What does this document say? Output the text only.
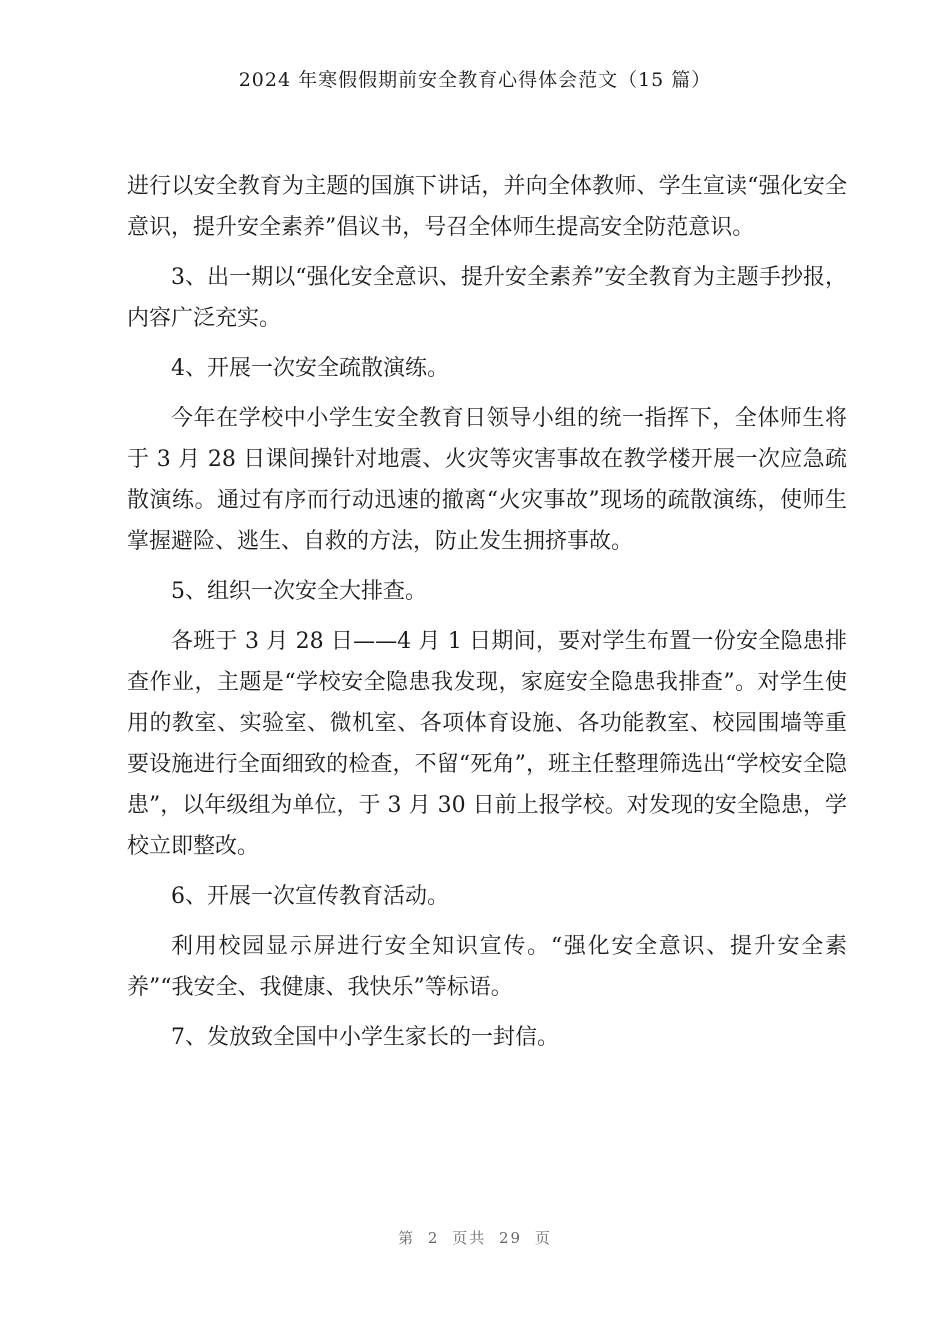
2024 年寒假假期前安全教育心得体会范文（15 篇）

进行以安全教育为主题的国旗下讲话，并向全体教师、学生宣读“强化安全意识，提升安全素养”倡议书，号召全体师生提高安全防范意识。

3、出一期以“强化安全意识、提升安全素养”安全教育为主题手抄报，内容广泛充实。

4、开展一次安全疏散演练。

今年在学校中小学生安全教育日领导小组的统一指挥下，全体师生将于 3 月 28 日课间操针对地震、火灾等灾害事故在教学楼开展一次应急疏散演练。通过有序而行动迅速的撤离“火灾事故”现场的疏散演练，使师生掌握避险、逃生、自救的方法，防止发生拥挤事故。

5、组织一次安全大排查。

各班于 3 月 28 日——4 月 1 日期间，要对学生布置一份安全隐患排查作业，主题是“学校安全隐患我发现，家庭安全隐患我排查”。对学生使用的教室、实验室、微机室、各项体育设施、各功能教室、校园围墙等重要设施进行全面细致的检查，不留“死角”，班主任整理筛选出“学校安全隐患”，以年级组为单位，于 3 月 30 日前上报学校。对发现的安全隐患，学校立即整改。

6、开展一次宣传教育活动。

利用校园显示屏进行安全知识宣传。“强化安全意识、提升安全素养”“我安全、我健康、我快乐”等标语。

7、发放致全国中小学生家长的一封信。

第 2 页共 29 页
